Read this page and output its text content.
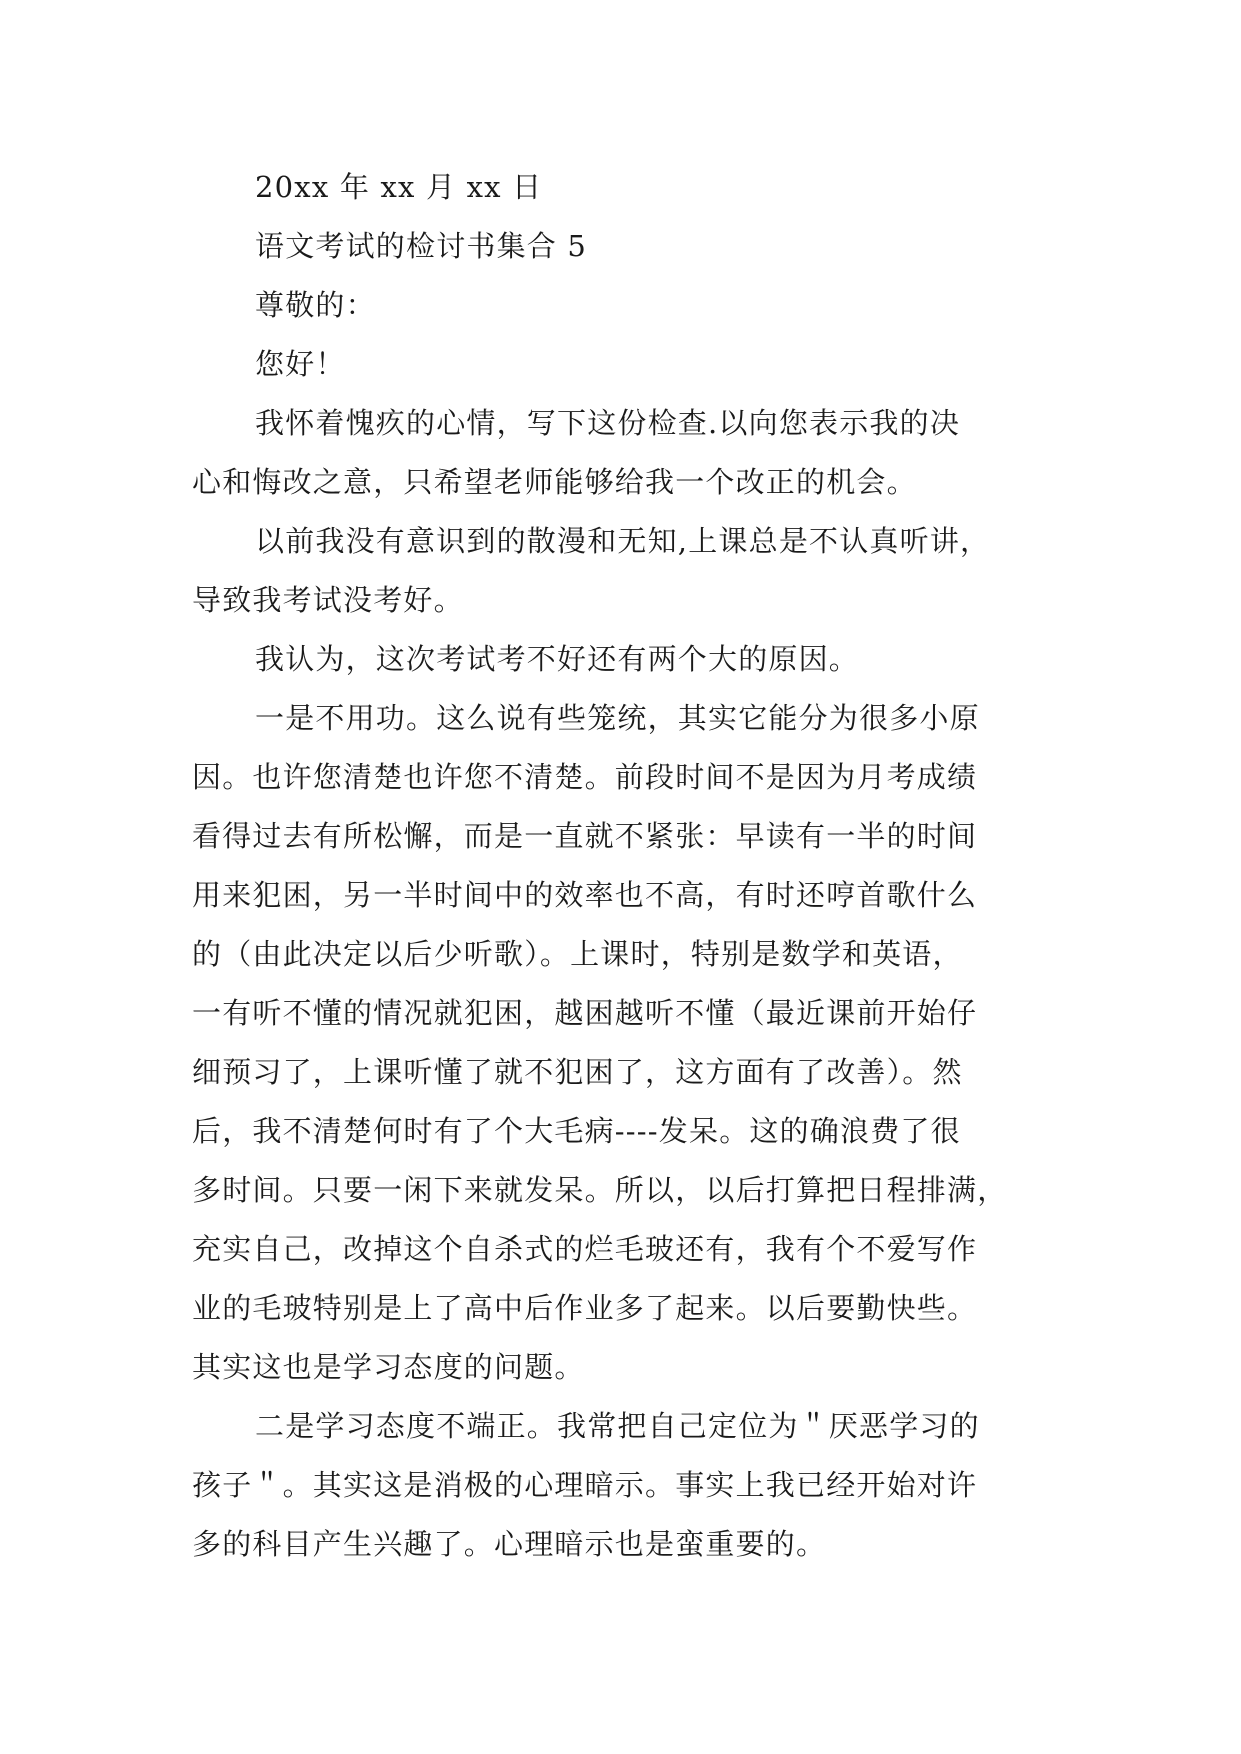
20xx 年 xx 月 xx 日
语文考试的检讨书集合 5
尊敬的：
您好！
我怀着愧疚的心情，写下这份检查.以向您表示我的决
心和悔改之意，只希望老师能够给我一个改正的机会。
以前我没有意识到的散漫和无知,上课总是不认真听讲，
导致我考试没考好。
我认为，这次考试考不好还有两个大的原因。
一是不用功。这么说有些笼统，其实它能分为很多小原
因。也许您清楚也许您不清楚。前段时间不是因为月考成绩
看得过去有所松懈，而是一直就不紧张：早读有一半的时间
用来犯困，另一半时间中的效率也不高，有时还哼首歌什么
的（由此决定以后少听歌）。上课时，特别是数学和英语，
一有听不懂的情况就犯困，越困越听不懂（最近课前开始仔
细预习了，上课听懂了就不犯困了，这方面有了改善）。然
后，我不清楚何时有了个大毛病----发呆。这的确浪费了很
多时间。只要一闲下来就发呆。所以，以后打算把日程排满，
充实自己，改掉这个自杀式的烂毛玻还有，我有个不爱写作
业的毛玻特别是上了高中后作业多了起来。以后要勤快些。
其实这也是学习态度的问题。
二是学习态度不端正。我常把自己定位为＂厌恶学习的
孩子＂。其实这是消极的心理暗示。事实上我已经开始对许
多的科目产生兴趣了。心理暗示也是蛮重要的。
